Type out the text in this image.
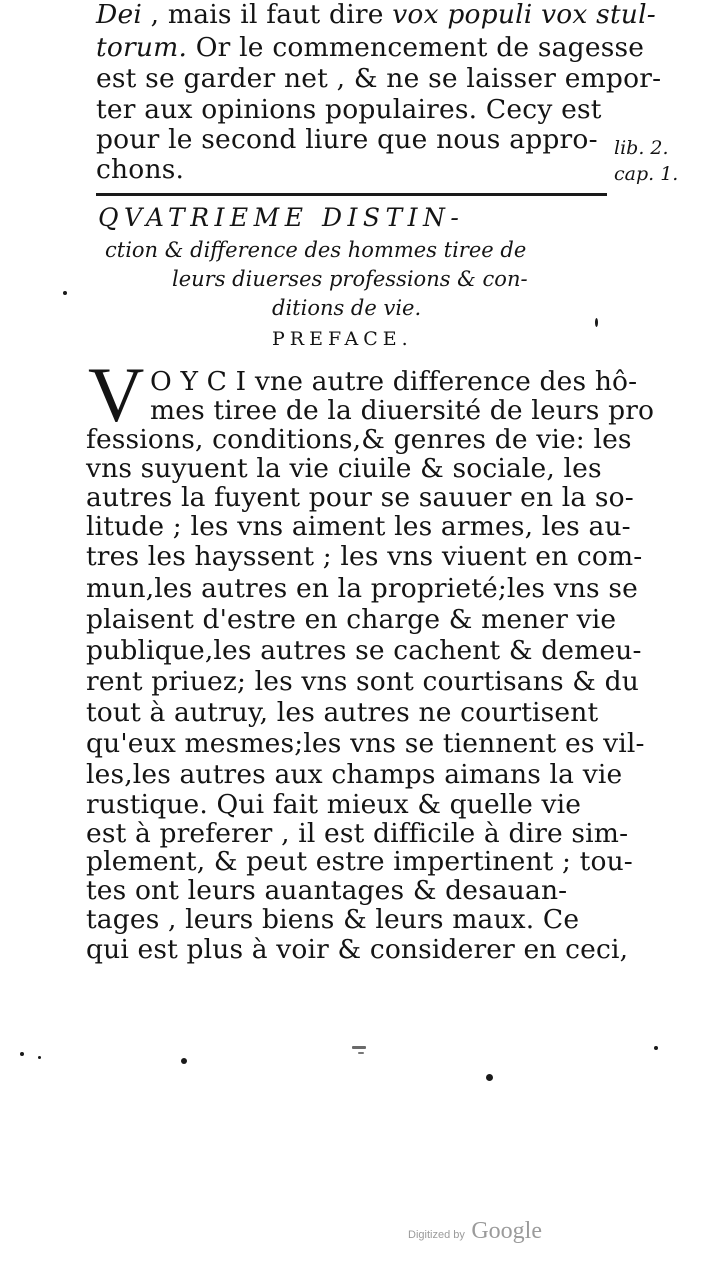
Dei , mais il faut dire vox populi vox stul-
torum. Or le commencement de sagesse
est se garder net , & ne se laisser empor-
ter aux opinions populaires. Cecy est
pour le second liure que nous appro-
chons.
lib. 2.
cap. 1.
QVATRIEME DISTIN-
ction & difference des hommes tiree de
leurs diuerses professions & con-
ditions de vie.
PREFACE.
V O Y C I vne autre difference des hô-
mes tiree de la diuersité de leurs pro
fessions, conditions,& genres de vie: les
vns suyuent la vie ciuile & sociale, les
autres la fuyent pour se sauuer en la so-
litude ; les vns aiment les armes, les au-
tres les hayssent ; les vns viuent en com-
mun,les autres en la proprieté;les vns se
plaisent d'estre en charge & mener vie
publique,les autres se cachent & demeu-
rent priuez; les vns sont courtisans & du
tout à autruy, les autres ne courtisent
qu'eux mesmes;les vns se tiennent es vil-
les,les autres aux champs aimans la vie
rustique. Qui fait mieux & quelle vie
est à preferer , il est difficile à dire sim-
plement, & peut estre impertinent ; tou-
tes ont leurs auantages & desauan-
tages , leurs biens & leurs maux. Ce
qui est plus à voir & considerer en ceci,
Digitized by Google
